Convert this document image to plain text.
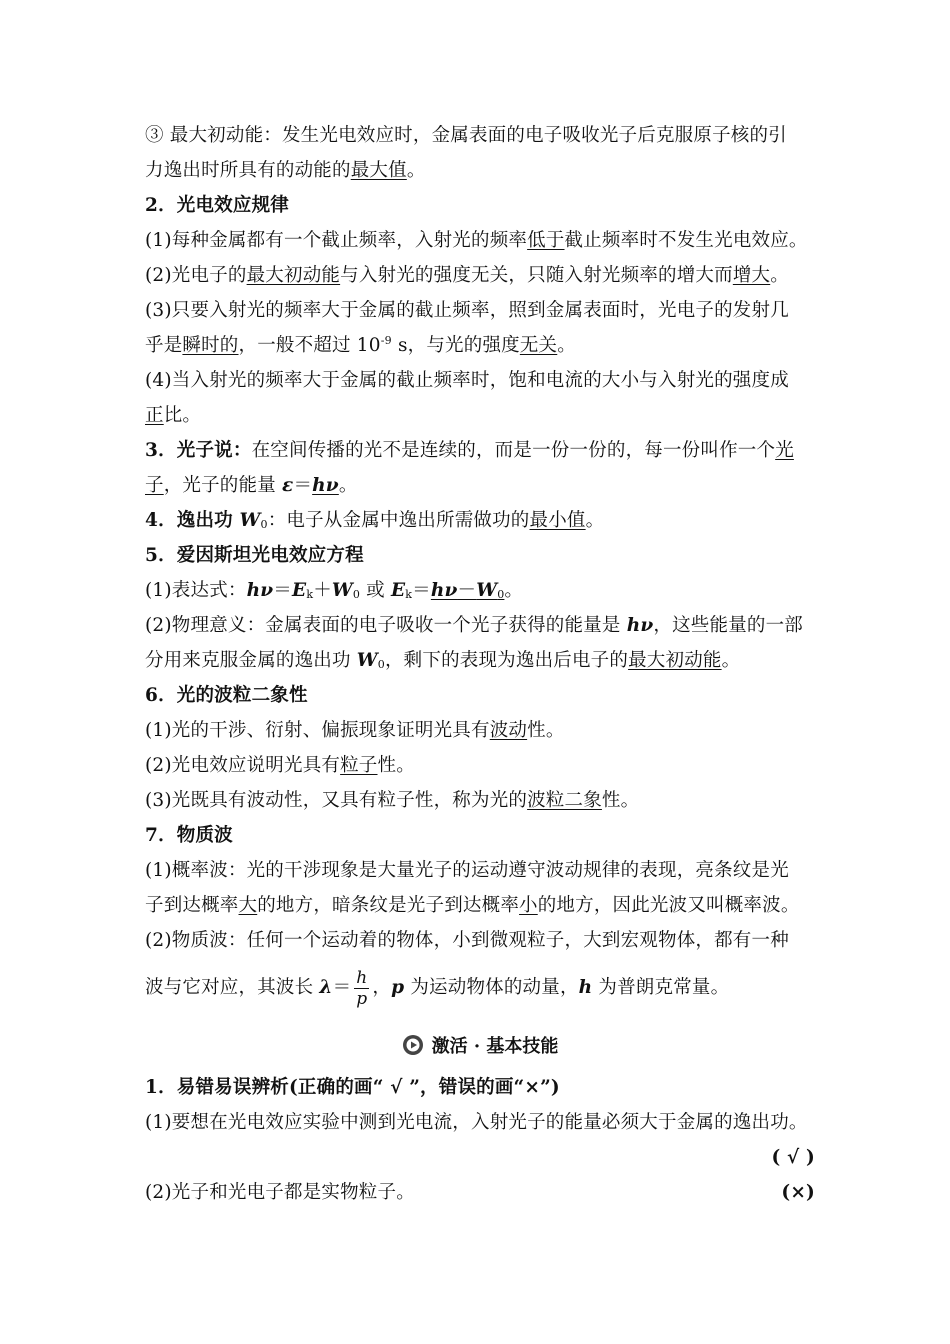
③ 最大初动能：发生光电效应时，金属表面的电子吸收光子后克服原子核的引
力逸出时所具有的动能的最大值。
2．光电效应规律
(1)每种金属都有一个截止频率，入射光的频率低于截止频率时不发生光电效应。
(2)光电子的最大初动能与入射光的强度无关，只随入射光频率的增大而增大。
(3)只要入射光的频率大于金属的截止频率，照到金属表面时，光电子的发射几
乎是瞬时的，一般不超过 $10^{-9}$ s，与光的强度无关。
(4)当入射光的频率大于金属的截止频率时，饱和电流的大小与入射光的强度成
正比。
3．光子说：在空间传播的光不是连续的，而是一份一份的，每一份叫作一个光
子，光子的能量 ε＝hν。
4．逸出功 $W_0$：电子从金属中逸出所需做功的最小值。
5．爱因斯坦光电效应方程
(1)表达式：$h\nu=E_k+W_0$ 或 $E_k=h\nu-W_0$。
(2)物理意义：金属表面的电子吸收一个光子获得的能量是 hν，这些能量的一部
分用来克服金属的逸出功 $W_0$，剩下的表现为逸出后电子的最大初动能。
6．光的波粒二象性
(1)光的干涉、衍射、偏振现象证明光具有波动性。
(2)光电效应说明光具有粒子性。
(3)光既具有波动性，又具有粒子性，称为光的波粒二象性。
7．物质波
(1)概率波：光的干涉现象是大量光子的运动遵守波动规律的表现，亮条纹是光
子到达概率大的地方，暗条纹是光子到达概率小的地方，因此光波又叫概率波。
(2)物质波：任何一个运动着的物体，小到微观粒子，大到宏观物体，都有一种
波与它对应，其波长 $\lambda= \frac{h}{p}$ ，p 为运动物体的动量，h 为普朗克常量。
激活 · 基本技能
1．易错易误辨析(正确的画“ √ ”，错误的画“×”)
(1)要想在光电效应实验中测到光电流，入射光子的能量必须大于金属的逸出功。
( √ )
(2)光子和光电子都是实物粒子。	(×)
